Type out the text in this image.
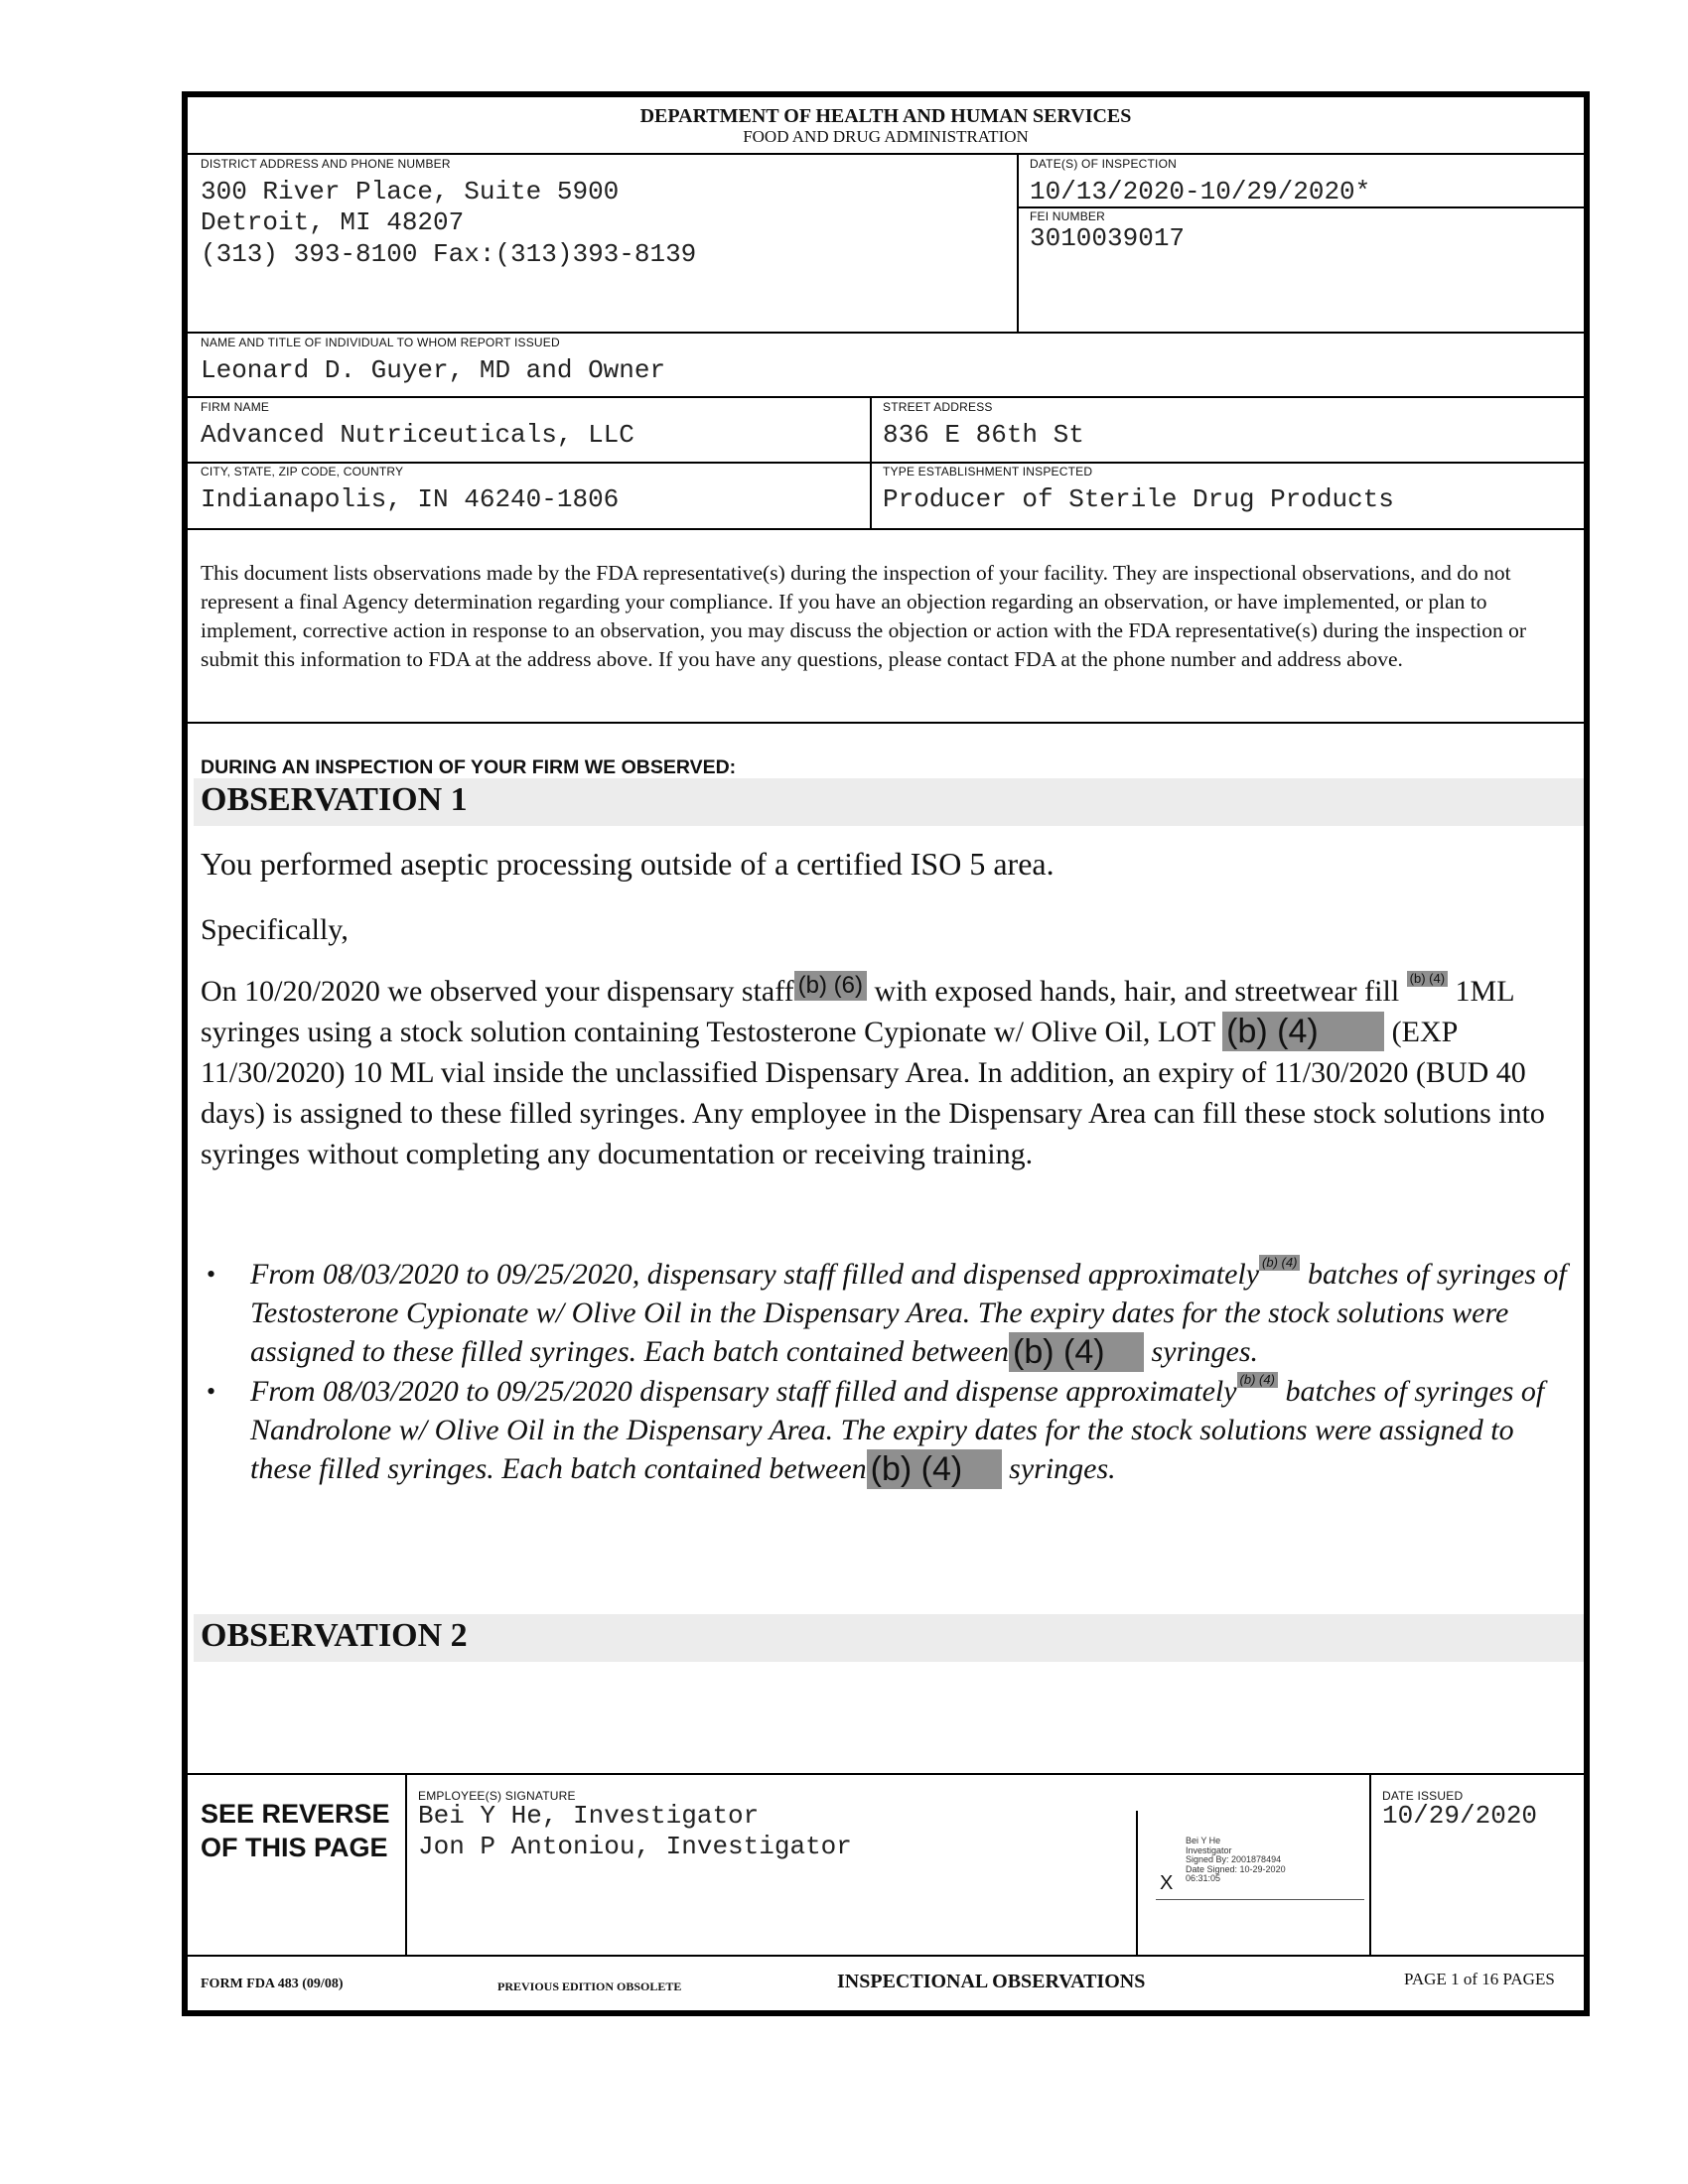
DEPARTMENT OF HEALTH AND HUMAN SERVICES
FOOD AND DRUG ADMINISTRATION
DISTRICT ADDRESS AND PHONE NUMBER
300 River Place, Suite 5900
Detroit, MI 48207
(313) 393-8100 Fax:(313)393-8139
DATE(S) OF INSPECTION
10/13/2020-10/29/2020*
FEI NUMBER
3010039017
NAME AND TITLE OF INDIVIDUAL TO WHOM REPORT ISSUED
Leonard D. Guyer, MD and Owner
FIRM NAME
Advanced Nutriceuticals, LLC
STREET ADDRESS
836 E 86th St
CITY, STATE, ZIP CODE, COUNTRY
Indianapolis, IN 46240-1806
TYPE ESTABLISHMENT INSPECTED
Producer of Sterile Drug Products
This document lists observations made by the FDA representative(s) during the inspection of your facility. They are inspectional observations, and do not represent a final Agency determination regarding your compliance. If you have an objection regarding an observation, or have implemented, or plan to implement, corrective action in response to an observation, you may discuss the objection or action with the FDA representative(s) during the inspection or submit this information to FDA at the address above. If you have any questions, please contact FDA at the phone number and address above.
DURING AN INSPECTION OF YOUR FIRM WE OBSERVED:
OBSERVATION 1
You performed aseptic processing outside of a certified ISO 5 area.
Specifically,
On 10/20/2020 we observed your dispensary staff (b) (6) with exposed hands, hair, and streetwear fill (b) (4) 1ML syringes using a stock solution containing Testosterone Cypionate w/ Olive Oil, LOT (b) (4) (EXP 11/30/2020) 10 ML vial inside the unclassified Dispensary Area. In addition, an expiry of 11/30/2020 (BUD 40 days) is assigned to these filled syringes. Any employee in the Dispensary Area can fill these stock solutions into syringes without completing any documentation or receiving training.
• From 08/03/2020 to 09/25/2020, dispensary staff filled and dispensed approximately (b) (4) batches of syringes of Testosterone Cypionate w/ Olive Oil in the Dispensary Area. The expiry dates for the stock solutions were assigned to these filled syringes. Each batch contained between (b) (4) syringes.
• From 08/03/2020 to 09/25/2020 dispensary staff filled and dispense approximately (b) (4) batches of syringes of Nandrolone w/ Olive Oil in the Dispensary Area. The expiry dates for the stock solutions were assigned to these filled syringes. Each batch contained between (b) (4) syringes.
OBSERVATION 2
SEE REVERSE
OF THIS PAGE
EMPLOYEE(S) SIGNATURE
Bei Y He, Investigator
Jon P Antoniou, Investigator	Bei Y He
Investigator
Signed By: 2001878494
Date Signed: 10-29-2020
06:31:05
X
DATE ISSUED
10/29/2020
FORM FDA 483 (09/08)	PREVIOUS EDITION OBSOLETE	INSPECTIONAL OBSERVATIONS	PAGE 1 of 16 PAGES
